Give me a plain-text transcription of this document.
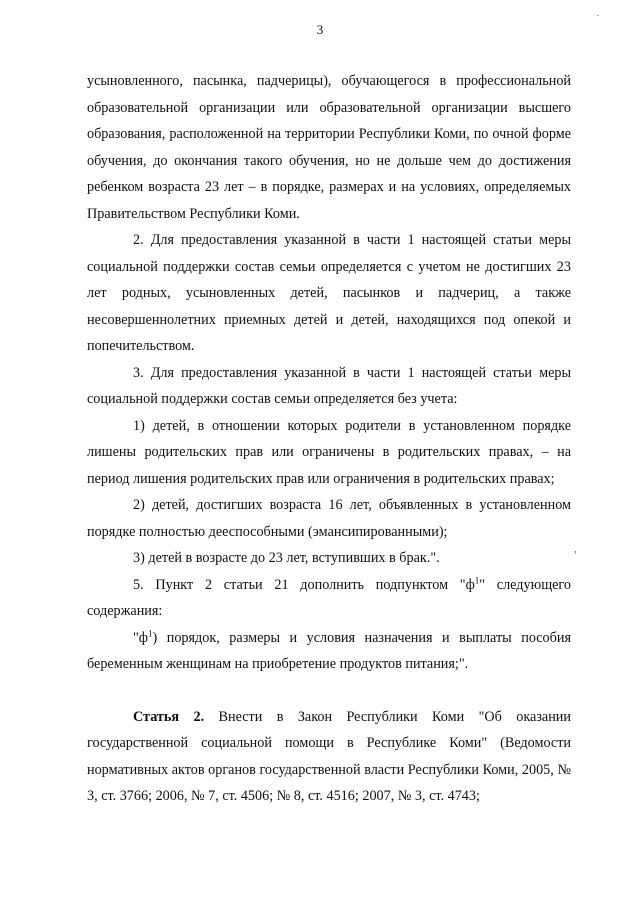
3
·

усыновленного, пасынка, падчерицы), обучающегося в профессиональной образовательной организации или образовательной организации высшего образования, расположенной на территории Республики Коми, по очной форме обучения, до окончания такого обучения, но не дольше чем до достижения ребенком возраста 23 лет – в порядке, размерах и на условиях, определяемых Правительством Республики Коми.

2. Для предоставления указанной в части 1 настоящей статьи меры социальной поддержки состав семьи определяется с учетом не достигших 23 лет родных, усыновленных детей, пасынков и падчериц, а также несовершеннолетних приемных детей и детей, находящихся под опекой и попечительством.

3. Для предоставления указанной в части 1 настоящей статьи меры социальной поддержки состав семьи определяется без учета:

1) детей, в отношении которых родители в установленном порядке лишены родительских прав или ограничены в родительских правах, – на период лишения родительских прав или ограничения в родительских правах;

2) детей, достигших возраста 16 лет, объявленных в установленном порядке полностью дееспособными (эмансипированными);

3) детей в возрасте до 23 лет, вступивших в брак.".

5. Пункт 2 статьи 21 дополнить подпунктом "$ф^1$" следующего содержания:

"$ф^1$) порядок, размеры и условия назначения и выплаты пособия беременным женщинам на приобретение продуктов питания;".

Статья 2. Внести в Закон Республики Коми "Об оказании государственной социальной помощи в Республике Коми" (Ведомости нормативных актов органов государственной власти Республики Коми, 2005, № 3, ст. 3766; 2006, № 7, ст. 4506; № 8, ст. 4516; 2007, № 3, ст. 4743;

,
